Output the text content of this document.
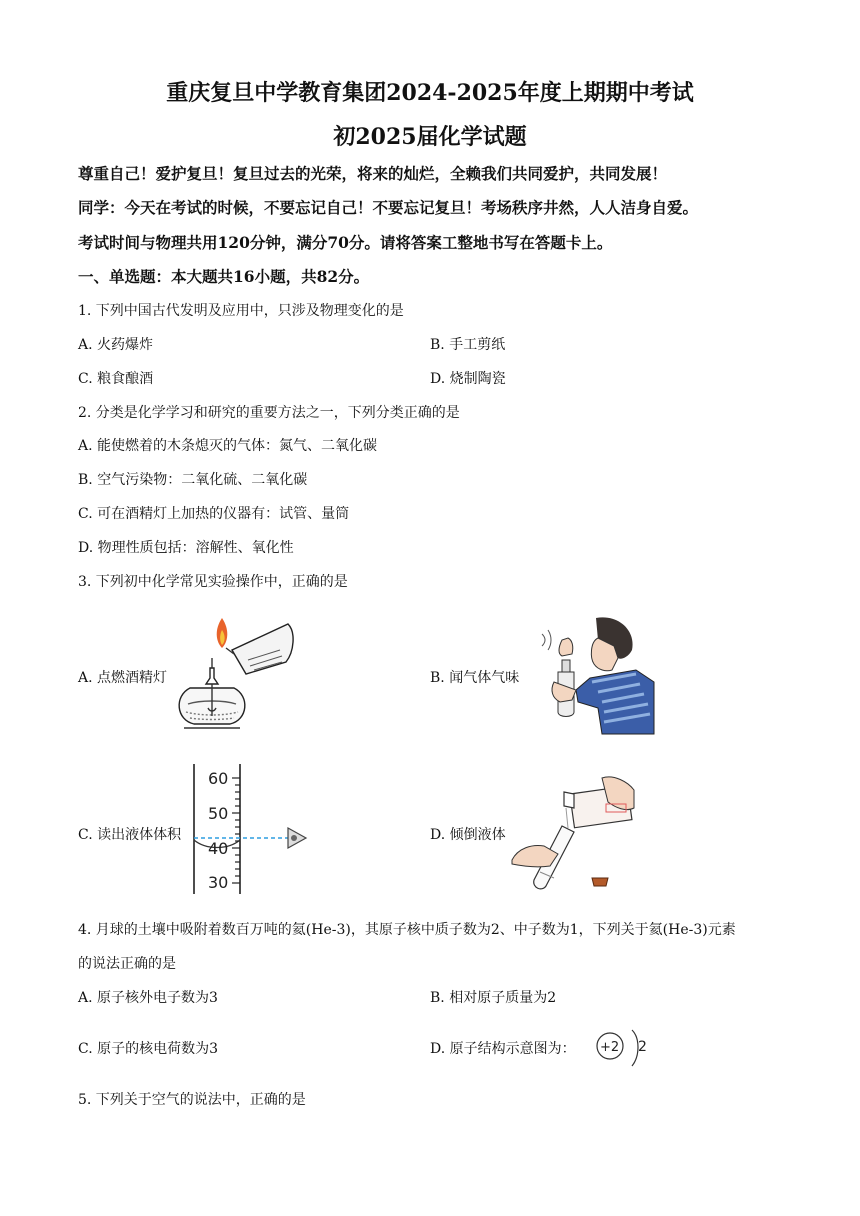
重庆复旦中学教育集团2024-2025年度上期期中考试
初2025届化学试题
尊重自己！爱护复旦！复旦过去的光荣，将来的灿烂，全赖我们共同爱护，共同发展！
同学：今天在考试的时候，不要忘记自己！不要忘记复旦！考场秩序井然，人人洁身自爱。
考试时间与物理共用120分钟，满分70分。请将答案工整地书写在答题卡上。
一、单选题：本大题共16小题，共82分。
1. 下列中国古代发明及应用中，只涉及物理变化的是
A. 火药爆炸	B. 手工剪纸
C. 粮食酿酒	D. 烧制陶瓷
2. 分类是化学学习和研究的重要方法之一，下列分类正确的是
A. 能使燃着的木条熄灭的气体：氮气、二氧化碳
B. 空气污染物：二氧化硫、二氧化碳
C. 可在酒精灯上加热的仪器有：试管、量筒
D. 物理性质包括：溶解性、氧化性
3. 下列初中化学常见实验操作中，正确的是
A. 点燃酒精灯	B. 闻气体气味
C. 读出液体体积	D. 倾倒液体
60
50
40
30
4. 月球的土壤中吸附着数百万吨的氦(He-3)，其原子核中质子数为2、中子数为1，下列关于氦(He-3)元素
的说法正确的是
A. 原子核外电子数为3	B. 相对原子质量为2
C. 原子的核电荷数为3	D. 原子结构示意图为： +2 2
5. 下列关于空气的说法中，正确的是
